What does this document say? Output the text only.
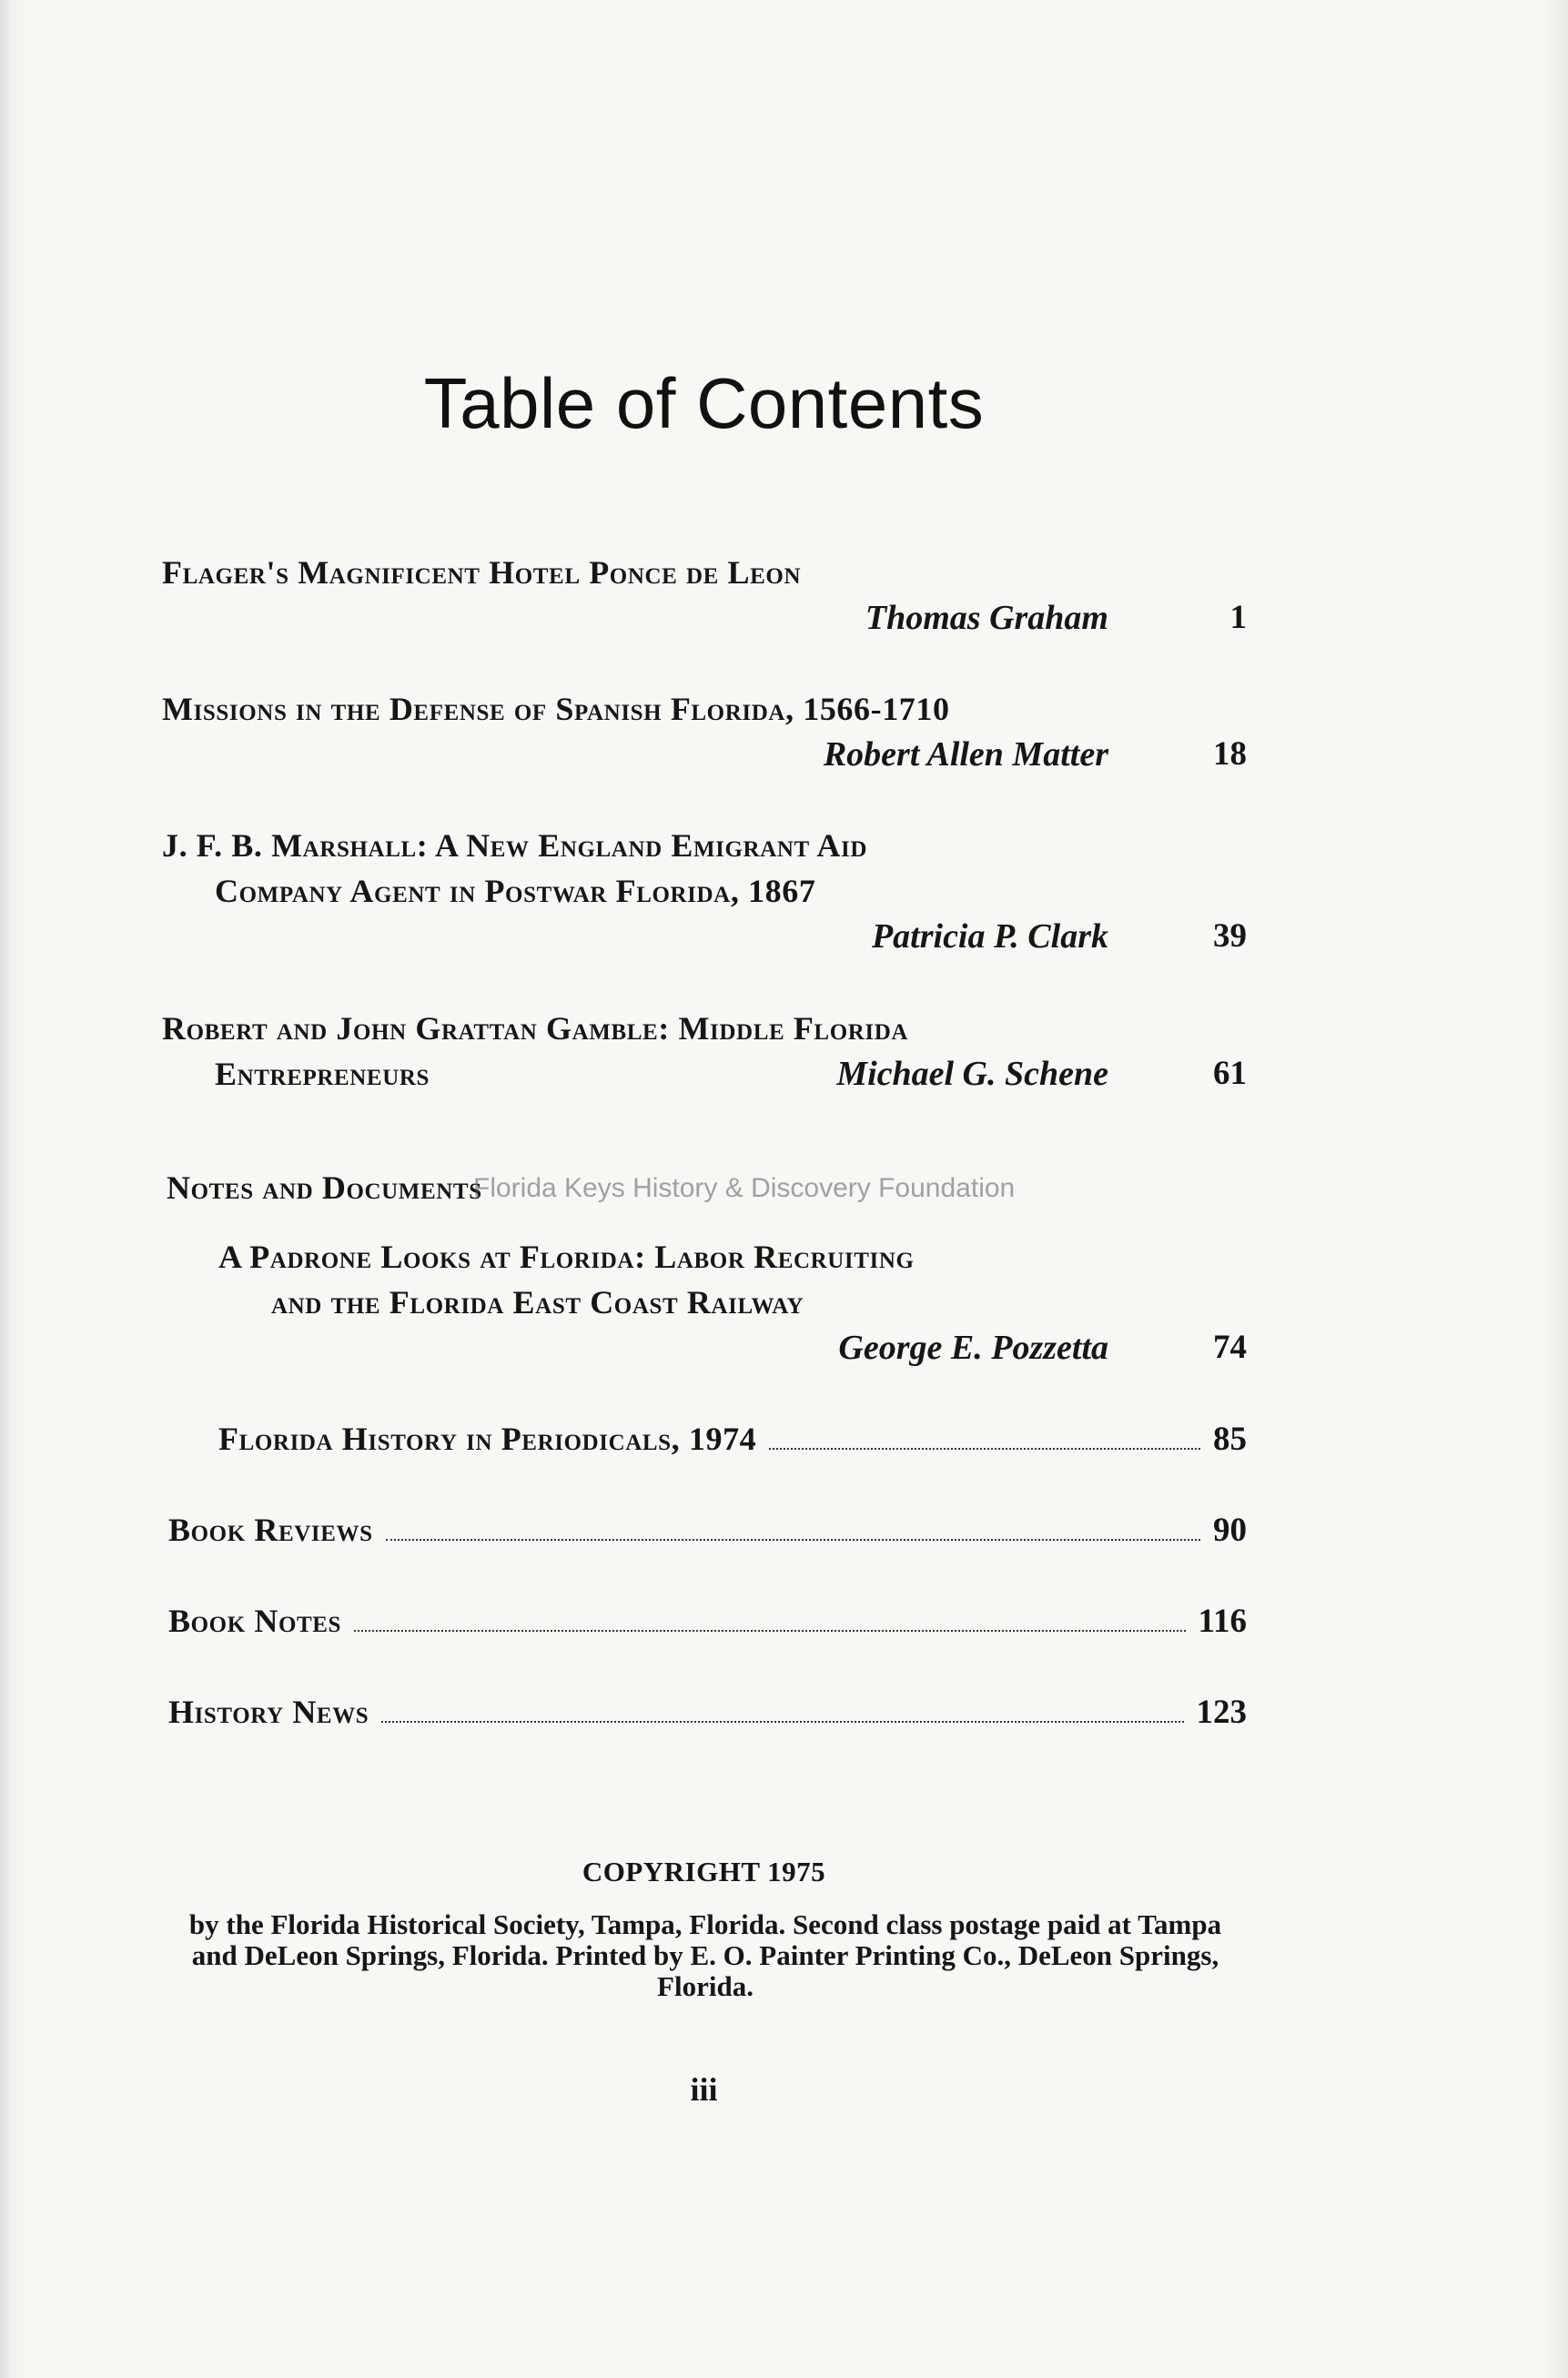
Table of Contents
Flager's Magnificent Hotel Ponce de Leon
Thomas Graham	1
Missions in the Defense of Spanish Florida, 1566-1710
Robert Allen Matter	18
J. F. B. Marshall: A New England Emigrant Aid
Company Agent in Postwar Florida, 1867
Patricia P. Clark	39
Robert and John Grattan Gamble: Middle Florida
Entrepreneurs	Michael G. Schene	61
Notes and Documents
Florida Keys History & Discovery Foundation
A Padrone Looks at Florida: Labor Recruiting
and the Florida East Coast Railway
George E. Pozzetta	74
Florida History in Periodicals, 1974	85
Book Reviews	90
Book Notes	116
History News	123
COPYRIGHT 1975
by the Florida Historical Society, Tampa, Florida. Second class postage paid at Tampa and DeLeon Springs, Florida. Printed by E. O. Painter Printing Co., DeLeon Springs, Florida.
iii
